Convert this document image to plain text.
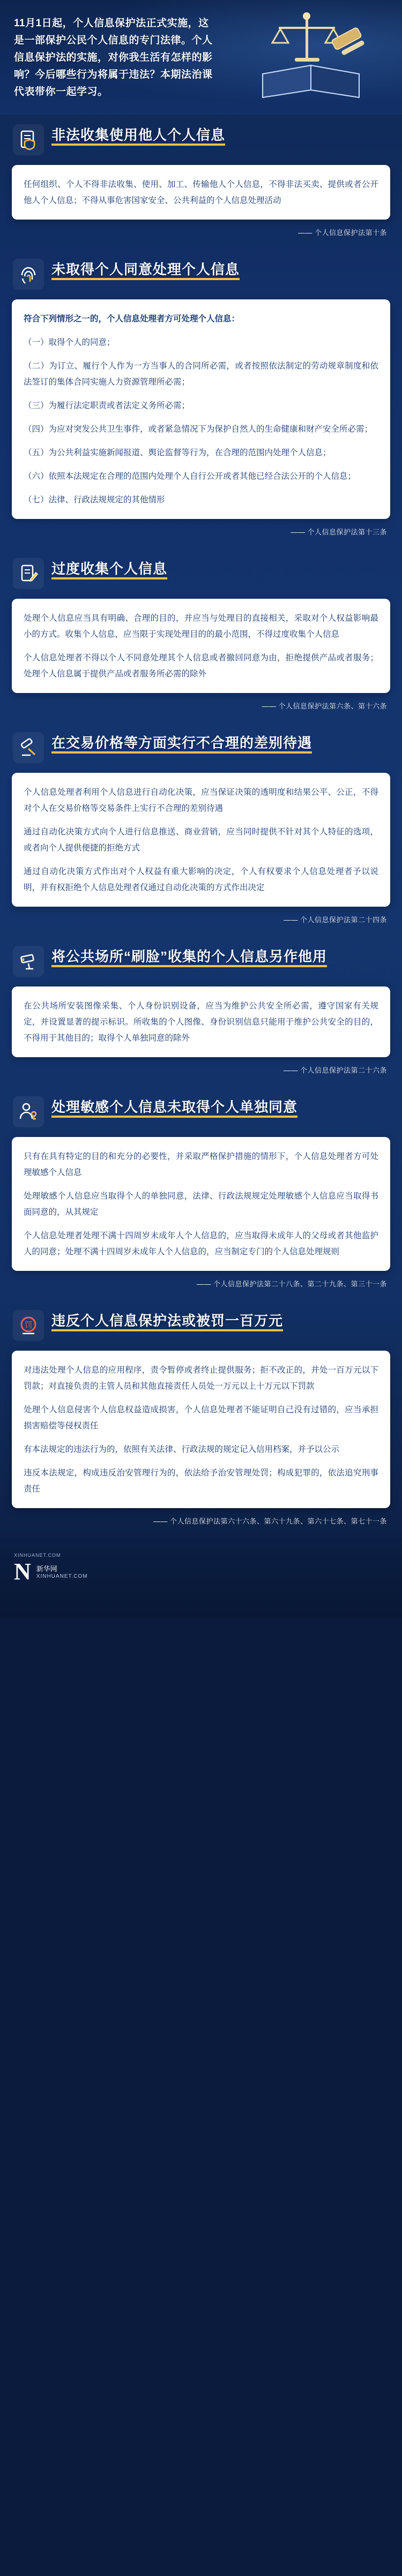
11月1日起，个人信息保护法正式实施，这是一部保护公民个人信息的专门法律。个人信息保护法的实施，对你我生活有怎样的影响？今后哪些行为将属于违法？本期法治课代表带你一起学习。
非法收集使用他人个人信息

任何组织、个人不得非法收集、使用、加工、传输他人个人信息，不得非法买卖、提供或者公开他人个人信息；不得从事危害国家安全、公共利益的个人信息处理活动

—— 个人信息保护法第十条
未取得个人同意处理个人信息

符合下列情形之一的，个人信息处理者方可处理个人信息：

（一）取得个人的同意；

（二）为订立、履行个人作为一方当事人的合同所必需，或者按照依法制定的劳动规章制度和依法签订的集体合同实施人力资源管理所必需；

（三）为履行法定职责或者法定义务所必需；

（四）为应对突发公共卫生事件，或者紧急情况下为保护自然人的生命健康和财产安全所必需；

（五）为公共利益实施新闻报道、舆论监督等行为，在合理的范围内处理个人信息；

（六）依照本法规定在合理的范围内处理个人自行公开或者其他已经合法公开的个人信息；

（七）法律、行政法规规定的其他情形

—— 个人信息保护法第十三条
过度收集个人信息

处理个人信息应当具有明确、合理的目的，并应当与处理目的直接相关，采取对个人权益影响最小的方式。收集个人信息，应当限于实现处理目的的最小范围，不得过度收集个人信息

个人信息处理者不得以个人不同意处理其个人信息或者撤回同意为由，拒绝提供产品或者服务；处理个人信息属于提供产品或者服务所必需的除外

—— 个人信息保护法第六条、第十六条
在交易价格等方面实行不合理的差别待遇

个人信息处理者利用个人信息进行自动化决策，应当保证决策的透明度和结果公平、公正，不得对个人在交易价格等交易条件上实行不合理的差别待遇

通过自动化决策方式向个人进行信息推送、商业营销，应当同时提供不针对其个人特征的选项，或者向个人提供便捷的拒绝方式

通过自动化决策方式作出对个人权益有重大影响的决定，个人有权要求个人信息处理者予以说明，并有权拒绝个人信息处理者仅通过自动化决策的方式作出决定

—— 个人信息保护法第二十四条
将公共场所“刷脸”收集的个人信息另作他用

在公共场所安装图像采集、个人身份识别设备，应当为维护公共安全所必需，遵守国家有关规定，并设置显著的提示标识。所收集的个人图像、身份识别信息只能用于维护公共安全的目的，不得用于其他目的；取得个人单独同意的除外

—— 个人信息保护法第二十六条
处理敏感个人信息未取得个人单独同意

只有在具有特定的目的和充分的必要性，并采取严格保护措施的情形下，个人信息处理者方可处理敏感个人信息

处理敏感个人信息应当取得个人的单独同意，法律、行政法规规定处理敏感个人信息应当取得书面同意的，从其规定

个人信息处理者处理不满十四周岁未成年人个人信息的，应当取得未成年人的父母或者其他监护人的同意；处理不满十四周岁未成年人个人信息的，应当制定专门的个人信息处理规则

—— 个人信息保护法第二十八条、第二十九条、第三十一条
罚 违反个人信息保护法或被罚一百万元

对违法处理个人信息的应用程序，责令暂停或者终止提供服务；拒不改正的，并处一百万元以下罚款；对直接负责的主管人员和其他直接责任人员处一万元以上十万元以下罚款

处理个人信息侵害个人信息权益造成损害，个人信息处理者不能证明自己没有过错的，应当承担损害赔偿等侵权责任

有本法规定的违法行为的，依照有关法律、行政法规的规定记入信用档案，并予以公示

违反本法规定，构成违反治安管理行为的，依法给予治安管理处罚；构成犯罪的，依法追究刑事责任

—— 个人信息保护法第六十六条、第六十九条、第六十七条、第七十一条
XINHUANET.COM
N 新华网
XINHUANET.COM
